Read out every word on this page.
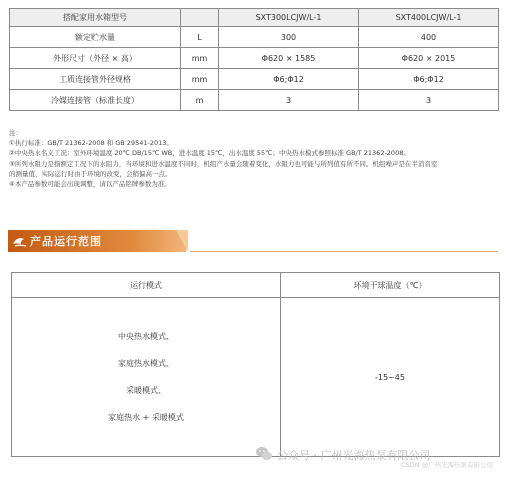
搭配家用水箱型号		SXT300LCJW/L-1	SXT400LCJW/L-1
额定贮水量	L	300	400
外形尺寸（外径 × 高）	mm	Φ620 × 1585	Φ620 × 2015
工质连接管外径规格	mm	Φ6;Φ12	Φ6;Φ12
冷媒连接管（标准长度）	m	3	3

注：

①执行标准：GB/T 21362-2008 和 GB 29541-2013。

②中央热水名义工况：室外环境温度 20℃ DB/15℃ WB，进水温度 15℃，出水温度 55℃；中央热水模式参照标准 GB/T 21362-2008。

③所列水阻力是指额定工况下的水阻力，当环境和进水温度不同时，机组产水量会随着变化，水阻力也可能与所列值有所不同。机组噪声是在半消音室

的测量值，实际运行时由于环境的改变，会稍偏高一点。

④本产品参数可能会出现调整，请以产品铭牌参数为准。

产品运行范围
运行模式	环境干球温度（℃）

中央热水模式、
家庭热水模式、
采暖模式、
家庭热水 + 采暖模式	-15~45
公众号 · 广州光海热泵有限公司
CSDN @广州光海热泵有限公司
